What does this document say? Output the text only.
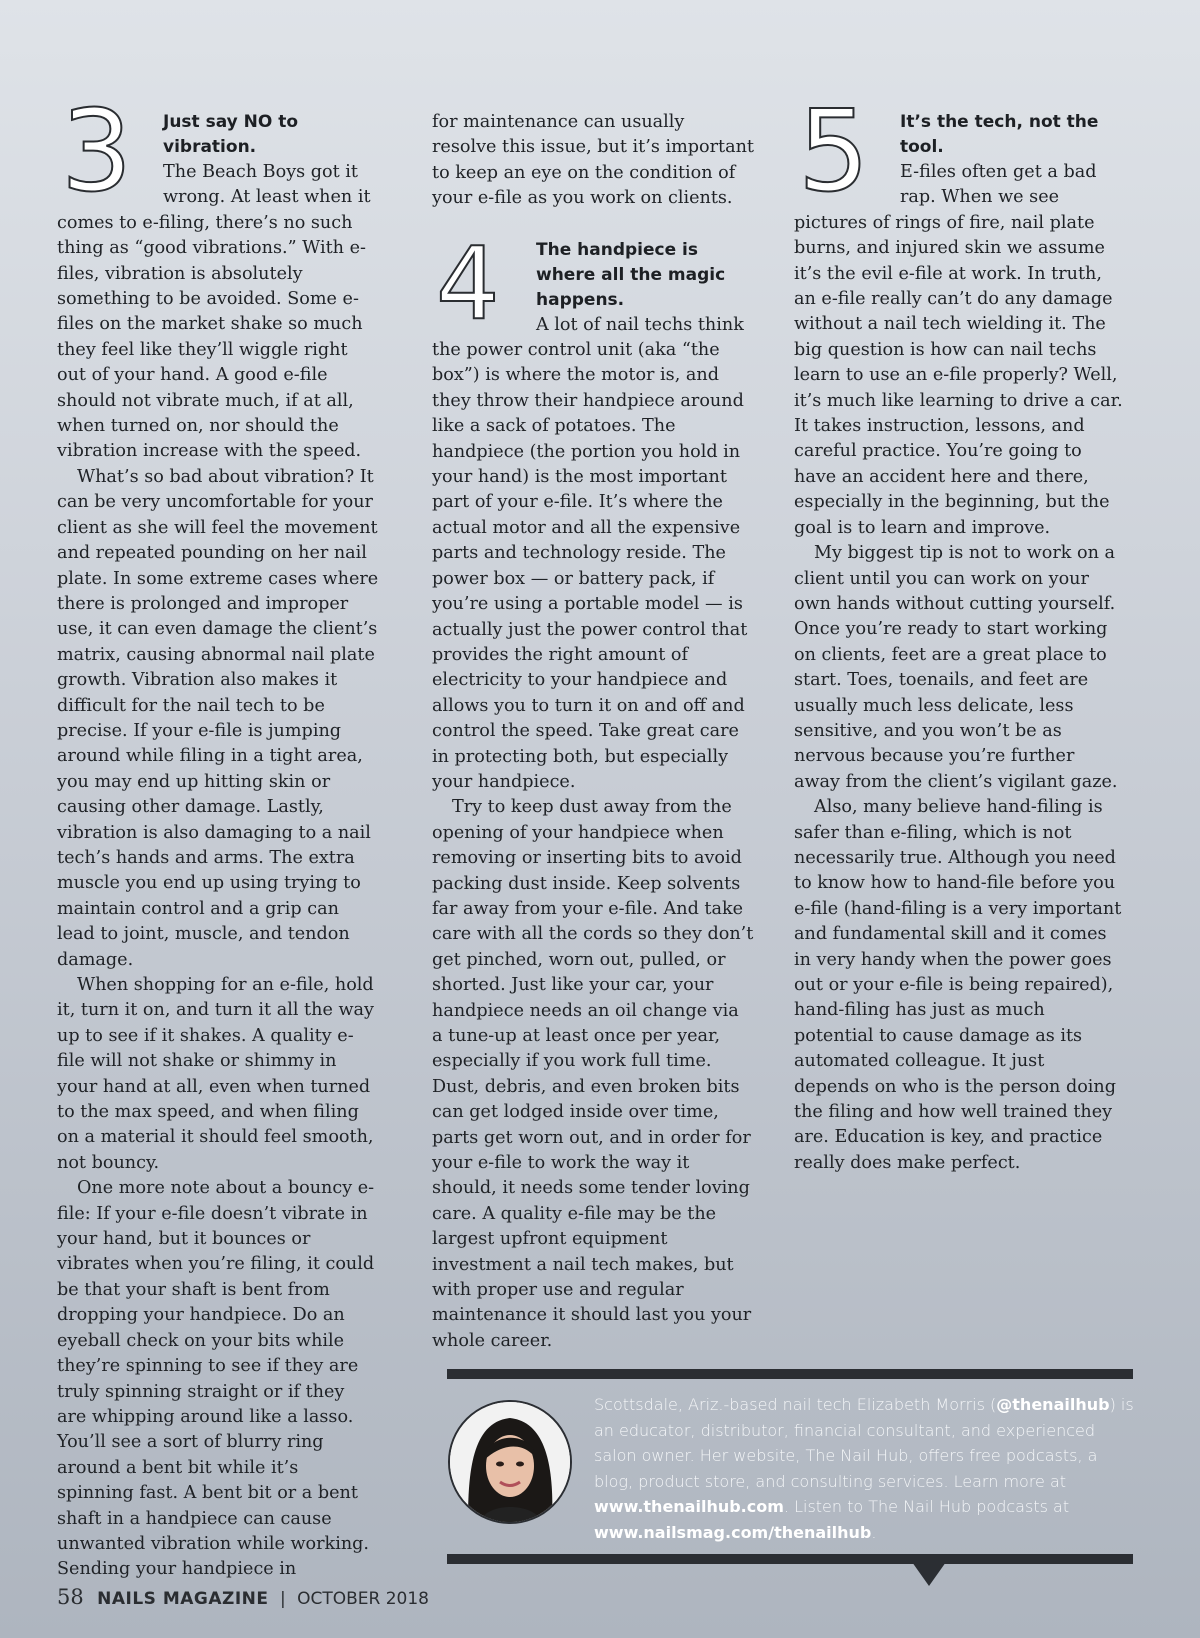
3	Just say NO to vibration.

The Beach Boys got it wrong. At least when it comes to e-filing, there’s no such thing as “good vibrations.” With e-files, vibration is absolutely something to be avoided. Some e-files on the market shake so much they feel like they’ll wiggle right out of your hand. A good e-file should not vibrate much, if at all, when turned on, nor should the vibration increase with the speed.

What’s so bad about vibration? It can be very uncomfortable for your client as she will feel the movement and repeated pounding on her nail plate. In some extreme cases where there is prolonged and improper use, it can even damage the client’s matrix, causing abnormal nail plate growth. Vibration also makes it difficult for the nail tech to be precise. If your e-file is jumping around while filing in a tight area, you may end up hitting skin or causing other damage. Lastly, vibration is also damaging to a nail tech’s hands and arms. The extra muscle you end up using trying to maintain control and a grip can lead to joint, muscle, and tendon damage.

When shopping for an e-file, hold it, turn it on, and turn it all the way up to see if it shakes. A quality e-file will not shake or shimmy in your hand at all, even when turned to the max speed, and when filing on a material it should feel smooth, not bouncy.

One more note about a bouncy e-file: If your e-file doesn’t vibrate in your hand, but it bounces or vibrates when you’re filing, it could be that your shaft is bent from dropping your handpiece. Do an eyeball check on your bits while they’re spinning to see if they are truly spinning straight or if they are whipping around like a lasso. You’ll see a sort of blurry ring around a bent bit while it’s spinning fast. A bent bit or a bent shaft in a handpiece can cause unwanted vibration while working. Sending your handpiece in

for maintenance can usually resolve this issue, but it’s important to keep an eye on the condition of your e-file as you work on clients.

4	The handpiece is where all the magic happens.

A lot of nail techs think the power control unit (aka “the box”) is where the motor is, and they throw their handpiece around like a sack of potatoes. The handpiece (the portion you hold in your hand) is the most important part of your e-file. It’s where the actual motor and all the expensive parts and technology reside. The power box — or battery pack, if you’re using a portable model — is actually just the power control that provides the right amount of electricity to your handpiece and allows you to turn it on and off and control the speed. Take great care in protecting both, but especially your handpiece.

Try to keep dust away from the opening of your handpiece when removing or inserting bits to avoid packing dust inside. Keep solvents far away from your e-file. And take care with all the cords so they don’t get pinched, worn out, pulled, or shorted. Just like your car, your handpiece needs an oil change via a tune-up at least once per year, especially if you work full time. Dust, debris, and even broken bits can get lodged inside over time, parts get worn out, and in order for your e-file to work the way it should, it needs some tender loving care. A quality e-file may be the largest upfront equipment investment a nail tech makes, but with proper use and regular maintenance it should last you your whole career.

5	It’s the tech, not the tool.

E-files often get a bad rap. When we see pictures of rings of fire, nail plate burns, and injured skin we assume it’s the evil e-file at work. In truth, an e-file really can’t do any damage without a nail tech wielding it. The big question is how can nail techs learn to use an e-file properly? Well, it’s much like learning to drive a car. It takes instruction, lessons, and careful practice. You’re going to have an accident here and there, especially in the beginning, but the goal is to learn and improve.

My biggest tip is not to work on a client until you can work on your own hands without cutting yourself. Once you’re ready to start working on clients, feet are a great place to start. Toes, toenails, and feet are usually much less delicate, less sensitive, and you won’t be as nervous because you’re further away from the client’s vigilant gaze.

Also, many believe hand-filing is safer than e-filing, which is not necessarily true. Although you need to know how to hand-file before you e-file (hand-filing is a very important and fundamental skill and it comes in very handy when the power goes out or your e-file is being repaired), hand-filing has just as much potential to cause damage as its automated colleague. It just depends on who is the person doing the filing and how well trained they are. Education is key, and practice really does make perfect.

Scottsdale, Ariz.-based nail tech Elizabeth Morris (@thenailhub) is an educator, distributor, financial consultant, and experienced salon owner. Her website, The Nail Hub, offers free podcasts, a blog, product store, and consulting services. Learn more at www.thenailhub.com. Listen to The Nail Hub podcasts at www.nailsmag.com/thenailhub.
58 NAILS MAGAZINE | OCTOBER 2018
